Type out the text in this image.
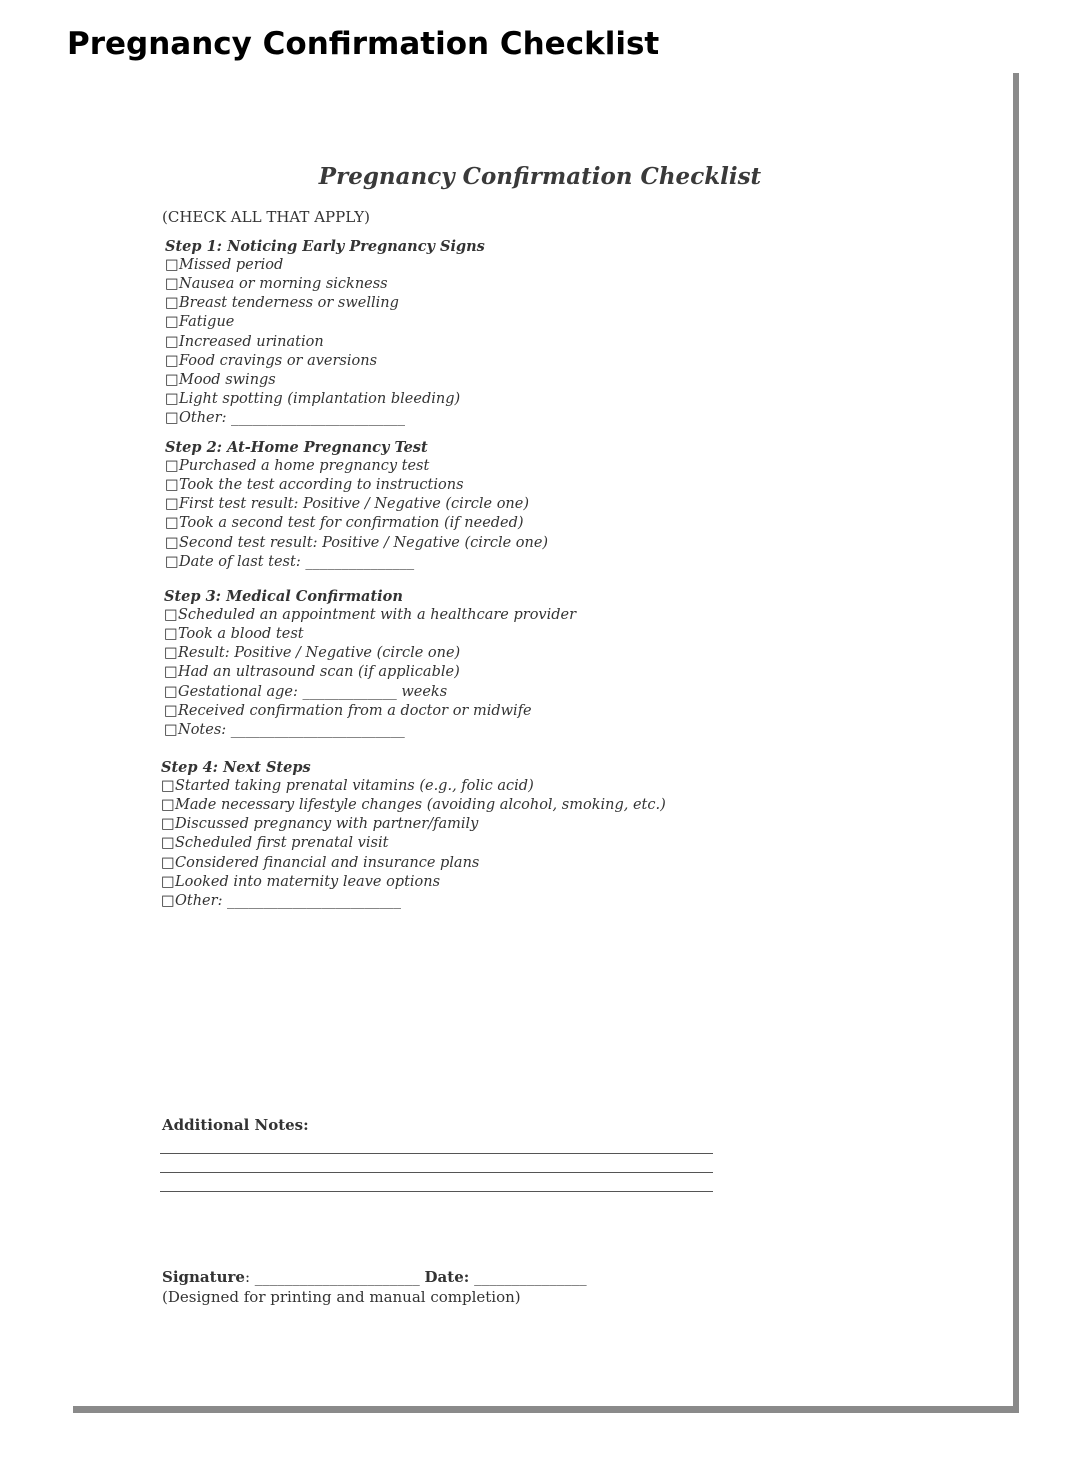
Pregnancy Confirmation Checklist
Pregnancy Confirmation Checklist
(CHECK ALL THAT APPLY)
Step 1: Noticing Early Pregnancy Signs
□Missed period
□Nausea or morning sickness
□Breast tenderness or swelling
□Fatigue
□Increased urination
□Food cravings or aversions
□Mood swings
□Light spotting (implantation bleeding)
□Other: ________________________
Step 2: At-Home Pregnancy Test
□Purchased a home pregnancy test
□Took the test according to instructions
□First test result: Positive / Negative (circle one)
□Took a second test for confirmation (if needed)
□Second test result: Positive / Negative (circle one)
□Date of last test: _______________
Step 3: Medical Confirmation
□Scheduled an appointment with a healthcare provider
□Took a blood test
□Result: Positive / Negative (circle one)
□Had an ultrasound scan (if applicable)
□Gestational age: _____________ weeks
□Received confirmation from a doctor or midwife
□Notes: ________________________
Step 4: Next Steps
□Started taking prenatal vitamins (e.g., folic acid)
□Made necessary lifestyle changes (avoiding alcohol, smoking, etc.)
□Discussed pregnancy with partner/family
□Scheduled first prenatal visit
□Considered financial and insurance plans
□Looked into maternity leave options
□Other: ________________________
Additional Notes:
Signature: ______________________ Date: _______________
(Designed for printing and manual completion)
